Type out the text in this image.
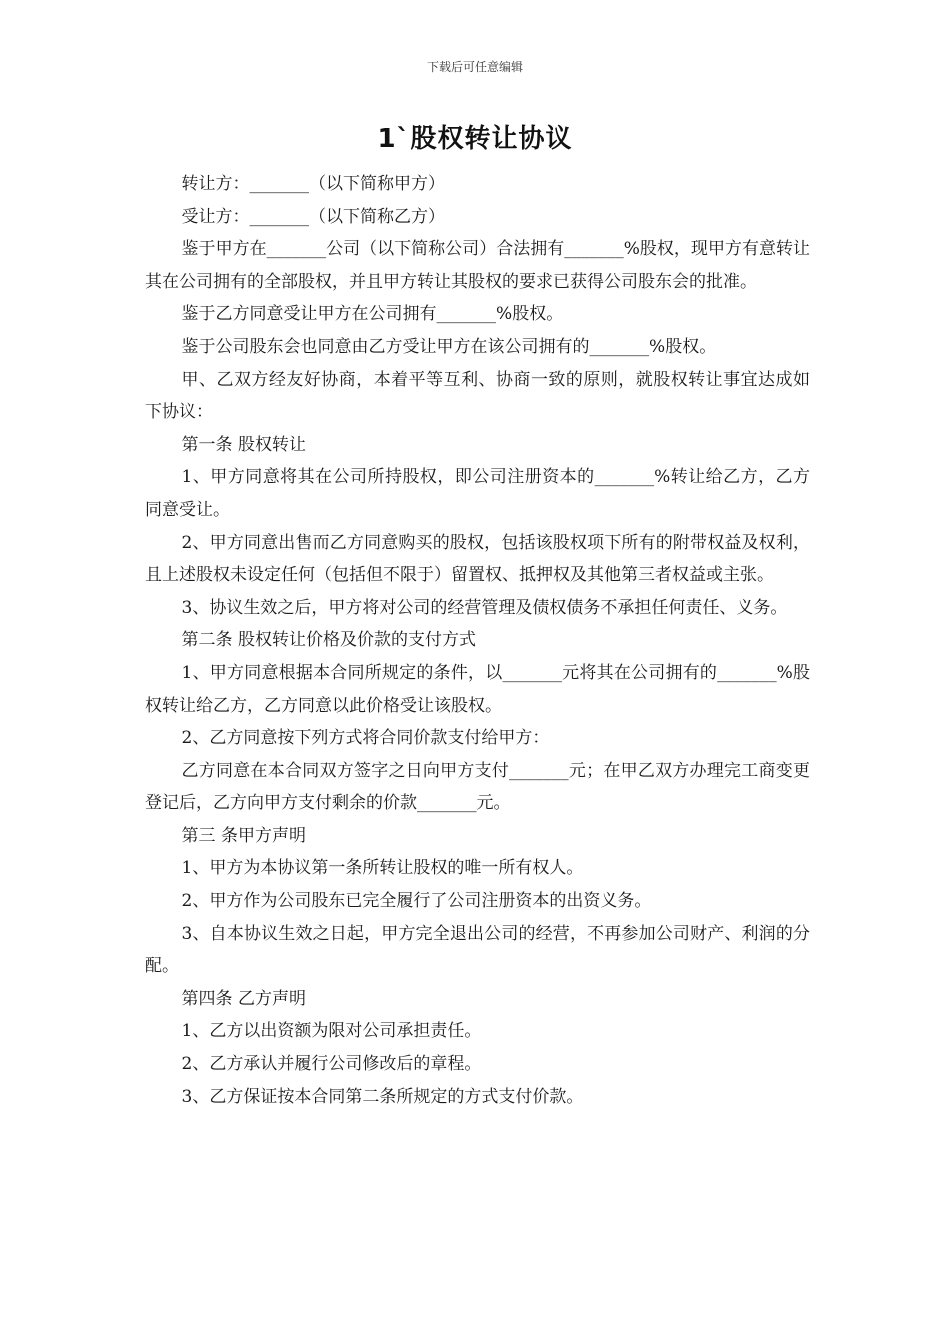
下载后可任意编辑
1`股权转让协议

转让方：_______（以下简称甲方）

受让方：_______（以下简称乙方）

鉴于甲方在_______公司（以下简称公司）合法拥有_______%股权，现甲方有意转让其在公司拥有的全部股权，并且甲方转让其股权的要求已获得公司股东会的批准。

鉴于乙方同意受让甲方在公司拥有_______%股权。

鉴于公司股东会也同意由乙方受让甲方在该公司拥有的_______%股权。

甲、乙双方经友好协商，本着平等互利、协商一致的原则，就股权转让事宜达成如下协议：

第一条 股权转让

1、甲方同意将其在公司所持股权，即公司注册资本的_______%转让给乙方，乙方同意受让。

2、甲方同意出售而乙方同意购买的股权，包括该股权项下所有的附带权益及权利，且上述股权未设定任何（包括但不限于）留置权、抵押权及其他第三者权益或主张。

3、协议生效之后，甲方将对公司的经营管理及债权债务不承担任何责任、义务。

第二条 股权转让价格及价款的支付方式

1、甲方同意根据本合同所规定的条件，以_______元将其在公司拥有的_______%股权转让给乙方，乙方同意以此价格受让该股权。

2、乙方同意按下列方式将合同价款支付给甲方：

乙方同意在本合同双方签字之日向甲方支付_______元；在甲乙双方办理完工商变更登记后，乙方向甲方支付剩余的价款_______元。

第三 条甲方声明

1、甲方为本协议第一条所转让股权的唯一所有权人。

2、甲方作为公司股东已完全履行了公司注册资本的出资义务。

3、自本协议生效之日起，甲方完全退出公司的经营，不再参加公司财产、利润的分配。

第四条 乙方声明

1、乙方以出资额为限对公司承担责任。

2、乙方承认并履行公司修改后的章程。

3、乙方保证按本合同第二条所规定的方式支付价款。
